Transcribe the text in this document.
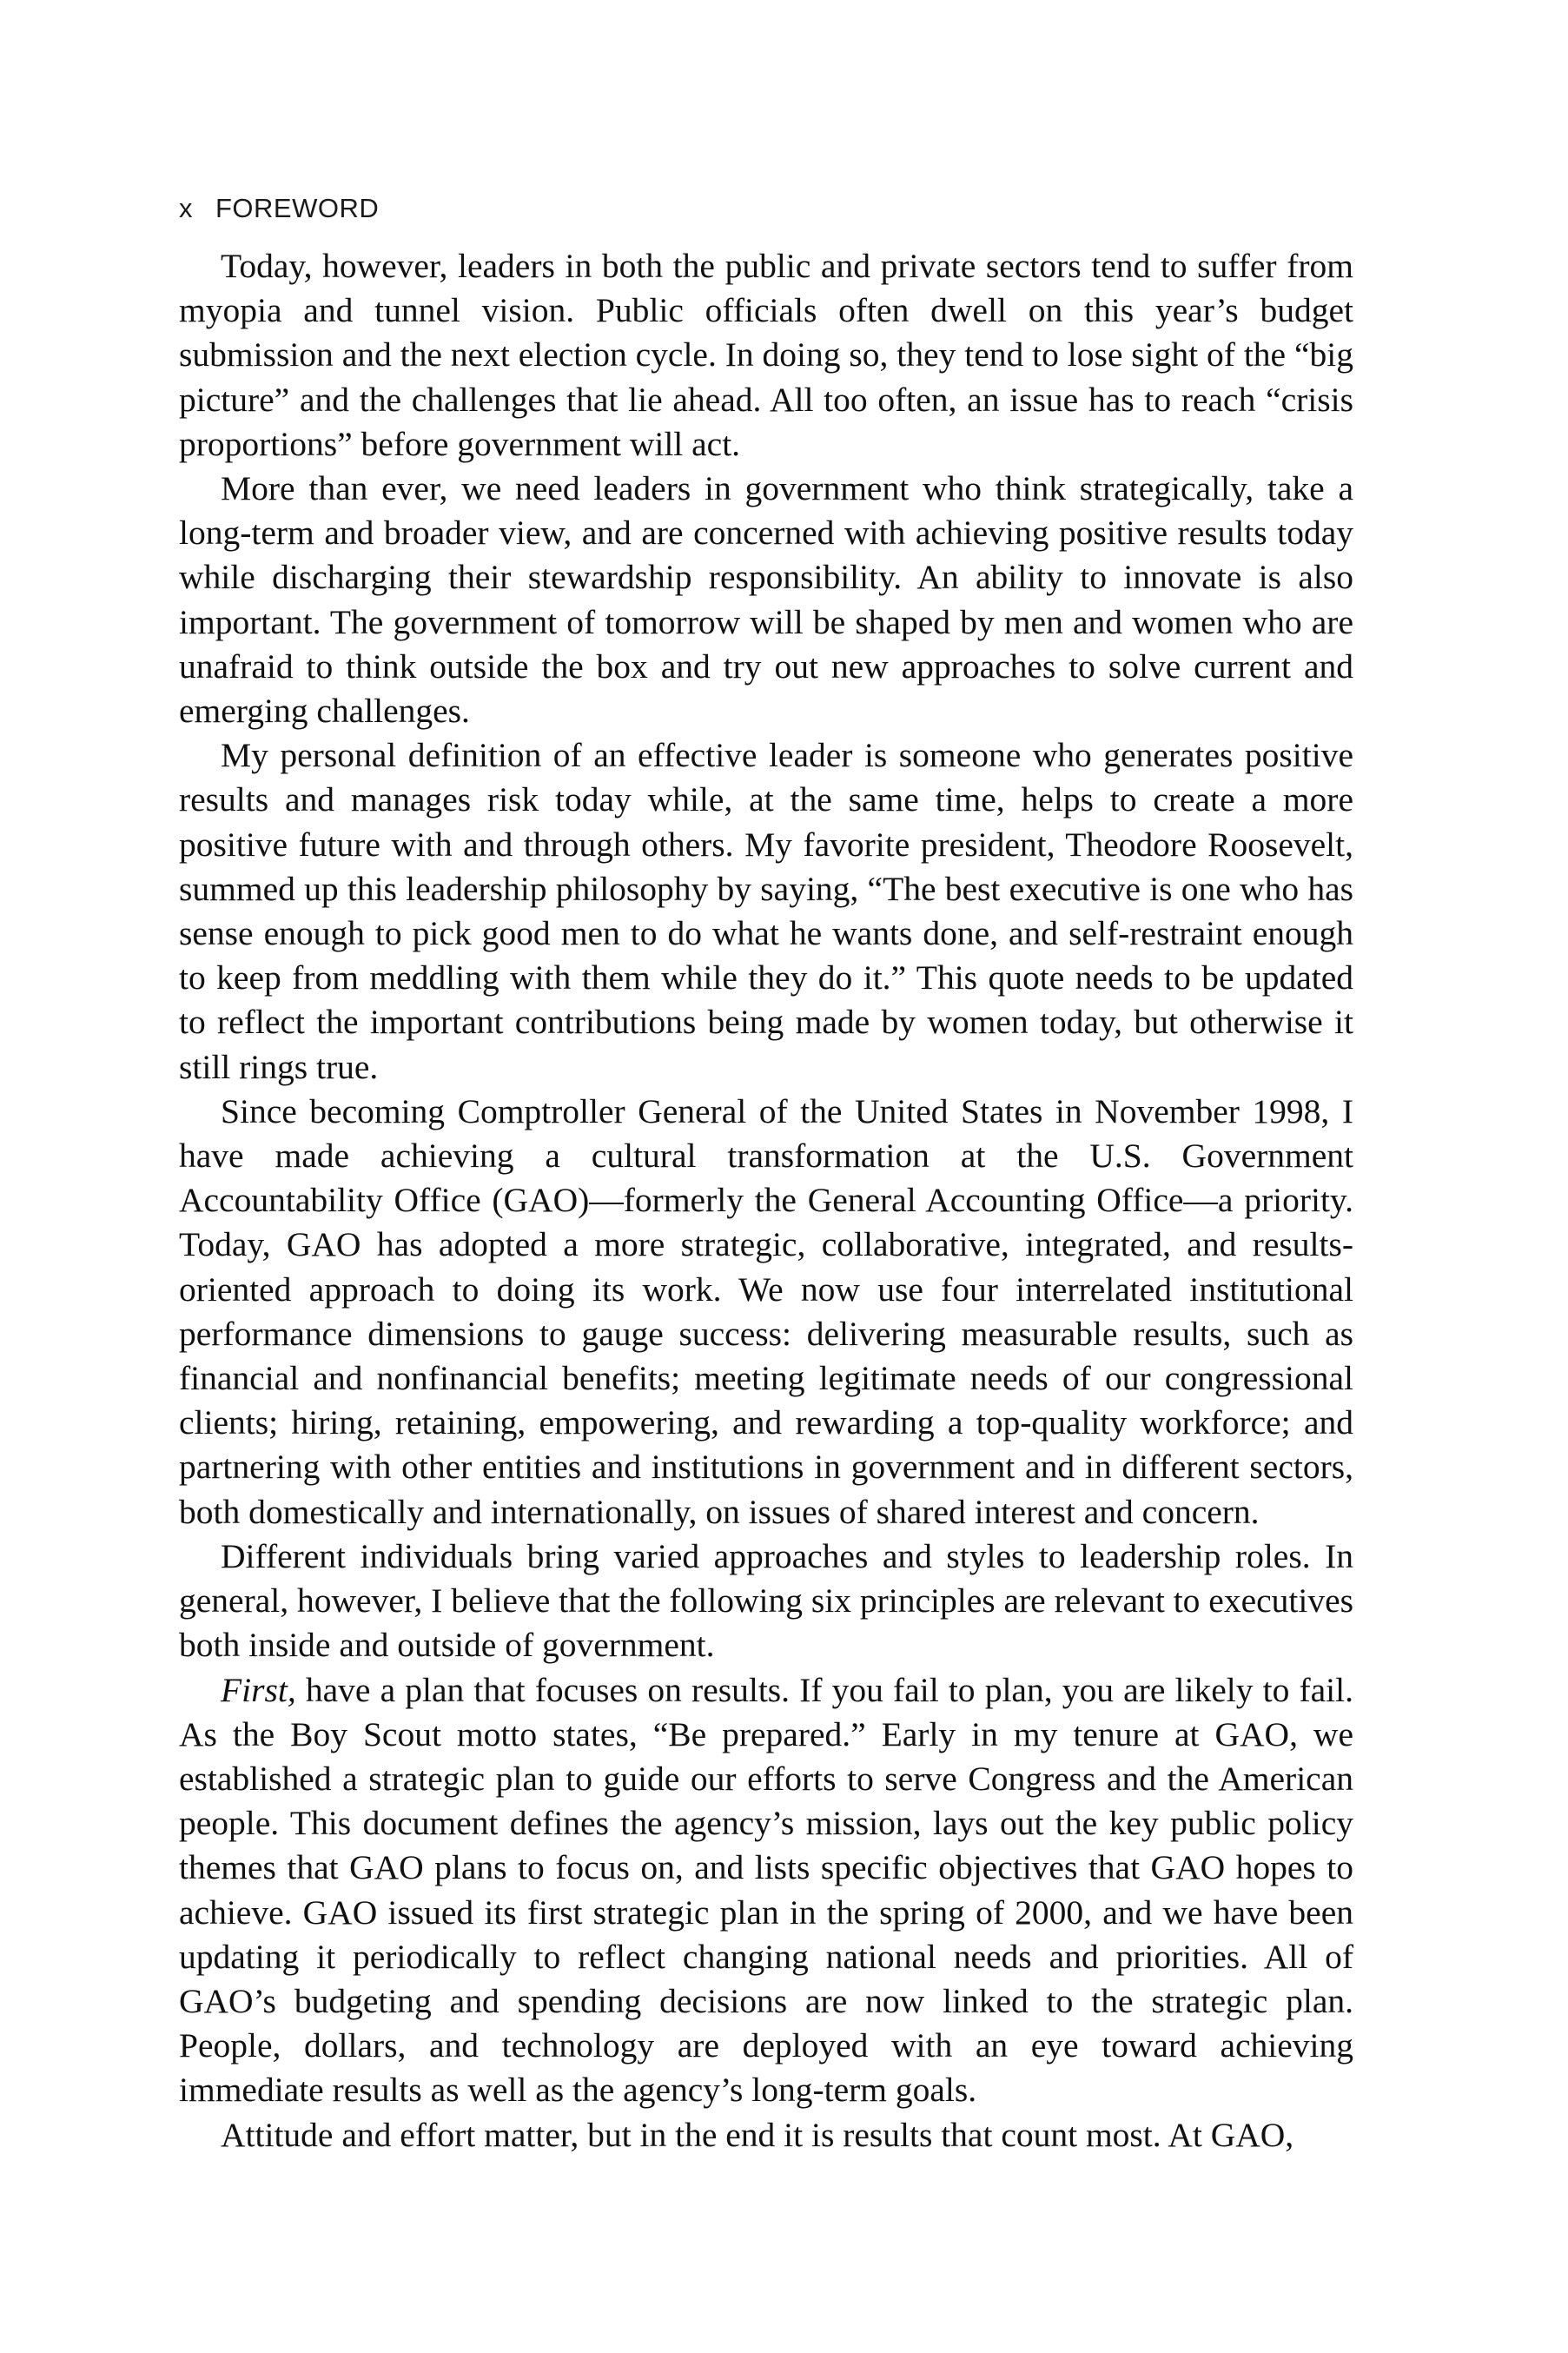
x FOREWORD

Today, however, leaders in both the public and private sectors tend to suffer from myopia and tunnel vision. Public officials often dwell on this year’s budget submission and the next election cycle. In doing so, they tend to lose sight of the “big picture” and the challenges that lie ahead. All too often, an issue has to reach “crisis proportions” before government will act.

More than ever, we need leaders in government who think strategically, take a long-term and broader view, and are concerned with achieving positive results today while discharging their stewardship responsibility. An ability to innovate is also important. The government of tomorrow will be shaped by men and women who are unafraid to think outside the box and try out new approaches to solve current and emerging challenges.

My personal definition of an effective leader is someone who generates positive results and manages risk today while, at the same time, helps to create a more positive future with and through others. My favorite president, Theodore Roosevelt, summed up this leadership philosophy by saying, “The best executive is one who has sense enough to pick good men to do what he wants done, and self-restraint enough to keep from meddling with them while they do it.” This quote needs to be updated to reflect the important contributions being made by women today, but otherwise it still rings true.

Since becoming Comptroller General of the United States in November 1998, I have made achieving a cultural transformation at the U.S. Government Accountability Office (GAO)—formerly the General Accounting Office—a priority. Today, GAO has adopted a more strategic, collaborative, integrated, and results-oriented approach to doing its work. We now use four interrelated institutional performance dimensions to gauge success: delivering measurable results, such as financial and nonfinancial benefits; meeting legitimate needs of our congressional clients; hiring, retaining, empowering, and rewarding a top-quality workforce; and partnering with other entities and institutions in government and in different sectors, both domestically and internationally, on issues of shared interest and concern.

Different individuals bring varied approaches and styles to leadership roles. In general, however, I believe that the following six principles are relevant to executives both inside and outside of government.

First, have a plan that focuses on results. If you fail to plan, you are likely to fail. As the Boy Scout motto states, “Be prepared.” Early in my tenure at GAO, we established a strategic plan to guide our efforts to serve Congress and the American people. This document defines the agency’s mission, lays out the key public policy themes that GAO plans to focus on, and lists specific objectives that GAO hopes to achieve. GAO issued its first strategic plan in the spring of 2000, and we have been updating it periodically to reflect changing national needs and priorities. All of GAO’s budgeting and spending decisions are now linked to the strategic plan. People, dollars, and technology are deployed with an eye toward achieving immediate results as well as the agency’s long-term goals.

Attitude and effort matter, but in the end it is results that count most. At GAO,
